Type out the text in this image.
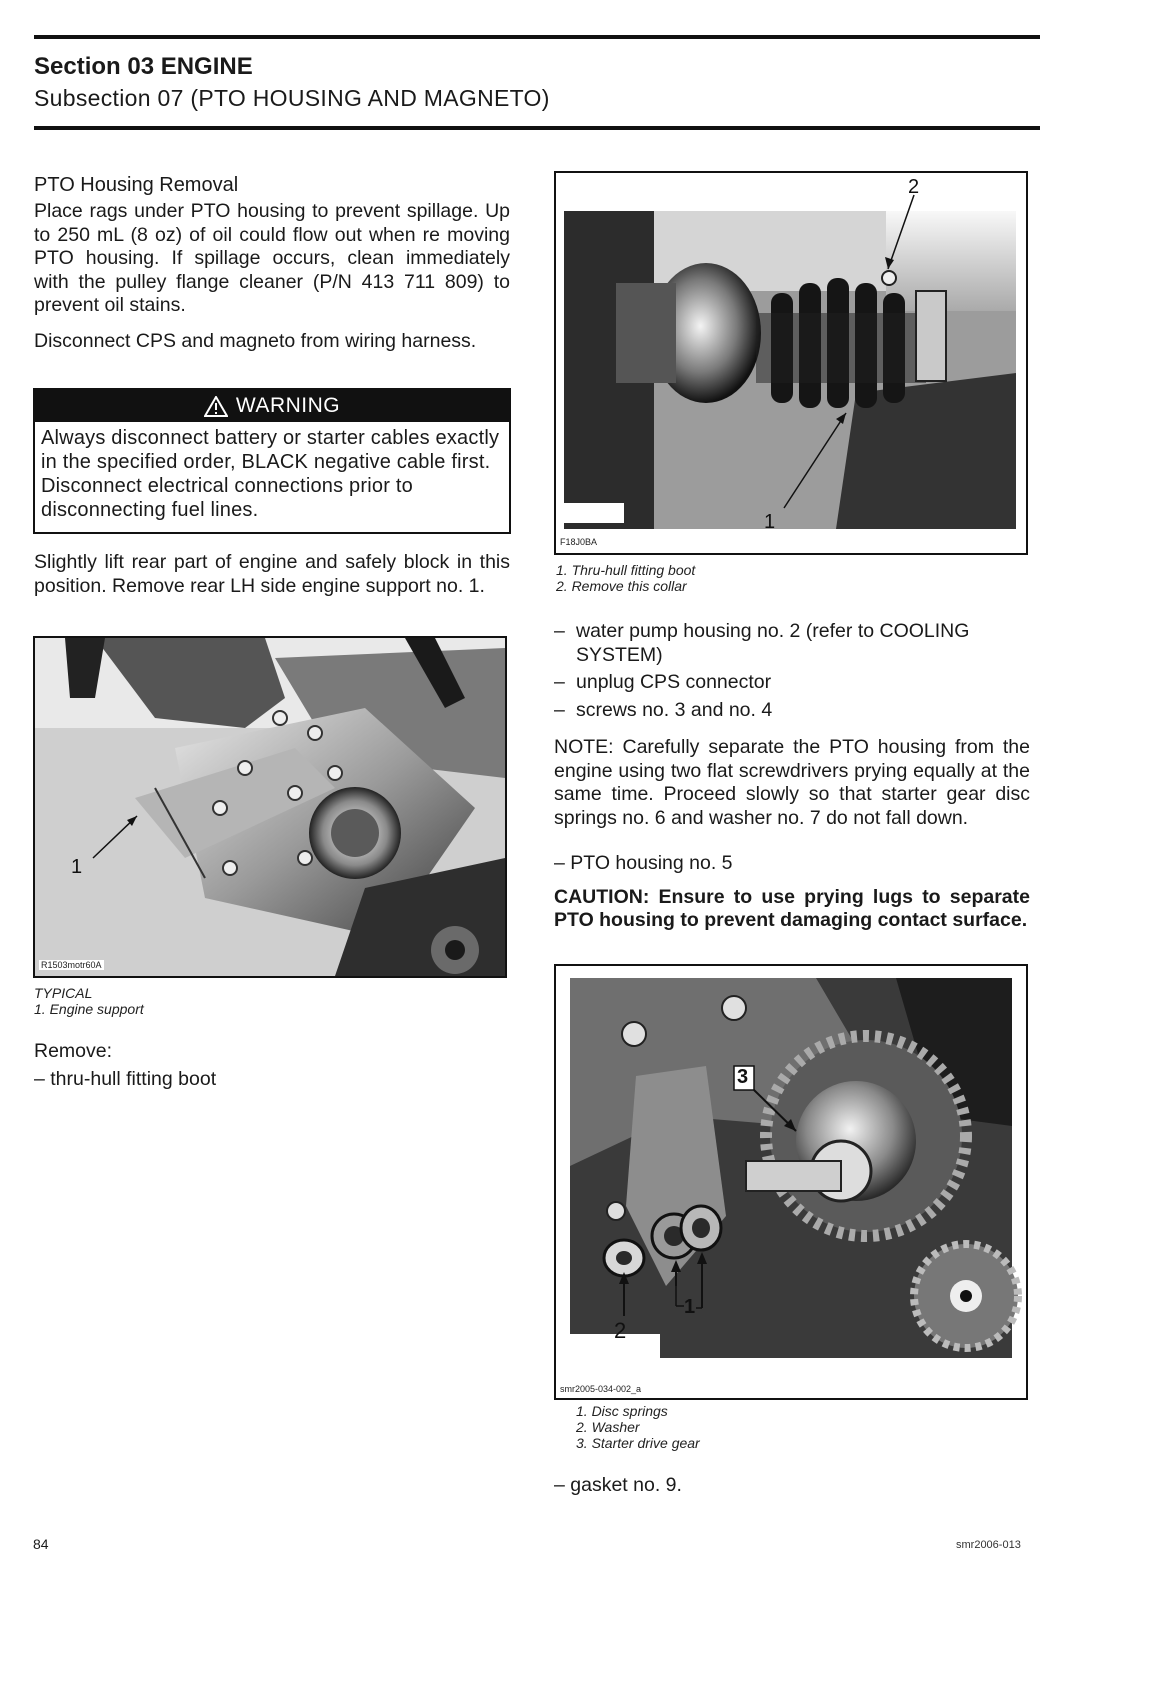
Section 03 ENGINE
Subsection 07 (PTO HOUSING AND MAGNETO)
PTO Housing Removal
Place rags under PTO housing to prevent spillage. Up to 250 mL (8 oz) of oil could flow out when re moving PTO housing. If spillage occurs, clean immediately with the pulley flange cleaner (P/N 413 711 809) to prevent oil stains.
Disconnect CPS and magneto from wiring harness.
WARNING
Always disconnect battery or starter cables exactly in the specified order, BLACK negative cable first. Disconnect electrical connections prior to disconnecting fuel lines.
Slightly lift rear part of engine and safely block in this position. Remove rear LH side engine support no. 1.
1
R1503motr60A
TYPICAL
1. Engine support
Remove:
– thru-hull fitting boot
2
1
F18J0BA
1. Thru-hull fitting boot
2. Remove this collar
– water pump housing no. 2 (refer to COOLING SYSTEM)
– unplug CPS connector
– screws no. 3 and no. 4
NOTE: Carefully separate the PTO housing from the engine using two flat screwdrivers prying equally at the same time. Proceed slowly so that starter gear disc springs no. 6 and washer no. 7 do not fall down.
– PTO housing no. 5
CAUTION: Ensure to use prying lugs to separate PTO housing to prevent damaging contact surface.
3
1
2
smr2005-034-002_a
1. Disc springs
2. Washer
3. Starter drive gear
– gasket no. 9.
84	smr2006-013
